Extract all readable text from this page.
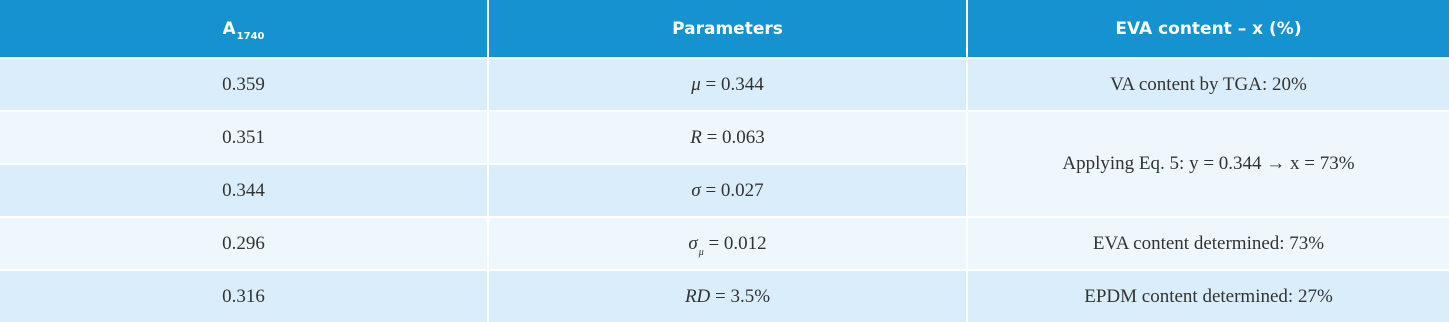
$A_{1740}$	Parameters	EVA content – x (%)
0.359	μ = 0.344	VA content by TGA: 20%
0.351	R = 0.063	Applying Eq. 5: y = 0.344 → x = 73%
0.344	σ = 0.027	
0.296	$\sigma_\mu = 0.012$	EVA content determined: 73%
0.316	RD = 3.5%	EPDM content determined: 27%
